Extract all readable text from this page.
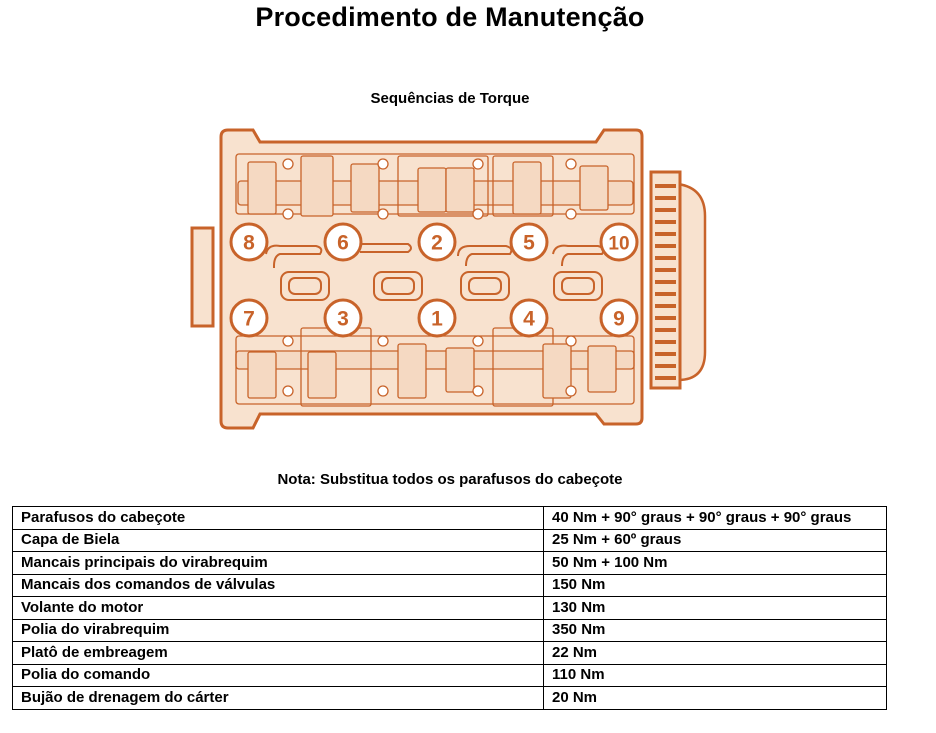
Procedimento de Manutenção
Sequências de Torque
8	6	2	5	10
7	3	1	4	9
Nota: Substitua todos os parafusos do cabeçote
Parafusos do cabeçote	40 Nm + 90° graus + 90° graus + 90° graus
Capa de Biela	25 Nm + 60º graus
Mancais principais do virabrequim	50 Nm + 100 Nm
Mancais dos comandos de válvulas	150 Nm
Volante do motor	130 Nm
Polia do virabrequim	350 Nm
Platô de embreagem	22 Nm
Polia do comando	110 Nm
Bujão de drenagem do cárter	20 Nm
